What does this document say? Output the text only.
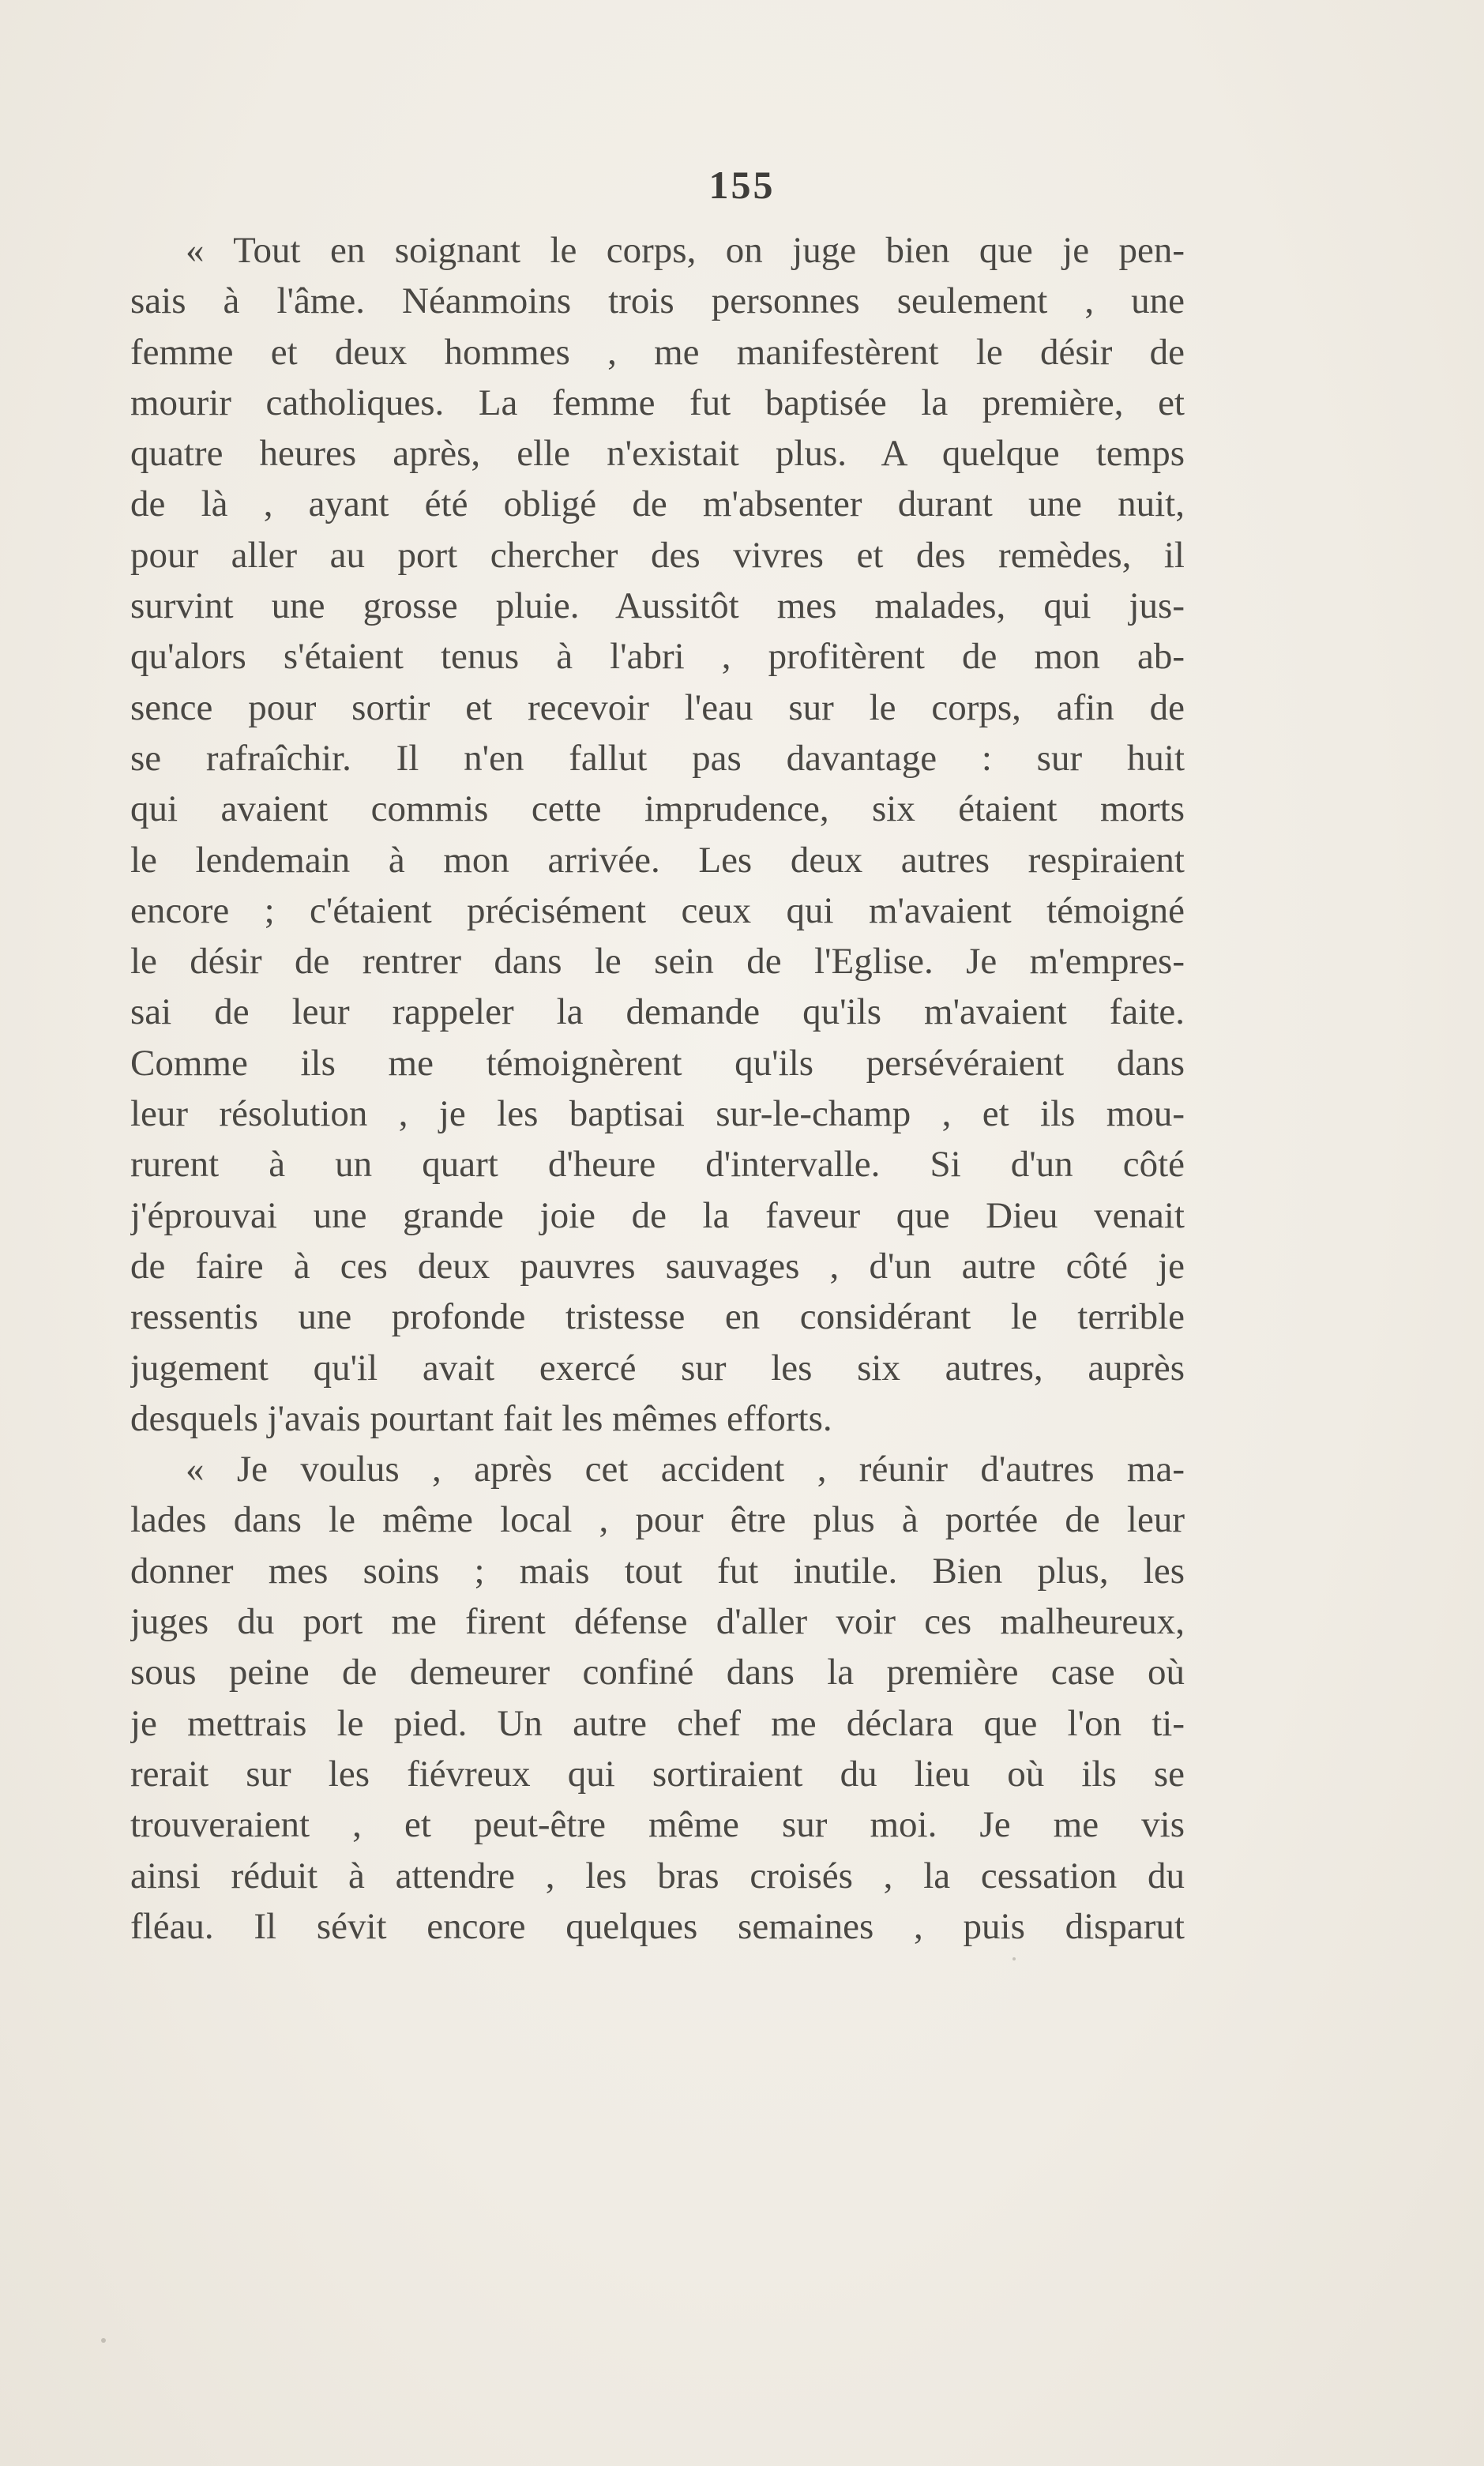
155
« Tout en soignant le corps, on juge bien que je pen-
sais à l'âme. Néanmoins trois personnes seulement , une
femme et deux hommes , me manifestèrent le désir de
mourir catholiques. La femme fut baptisée la première, et
quatre heures après, elle n'existait plus. A quelque temps
de là , ayant été obligé de m'absenter durant une nuit,
pour aller au port chercher des vivres et des remèdes, il
survint une grosse pluie. Aussitôt mes malades, qui jus-
qu'alors s'étaient tenus à l'abri , profitèrent de mon ab-
sence pour sortir et recevoir l'eau sur le corps, afin de
se rafraîchir. Il n'en fallut pas davantage : sur huit
qui avaient commis cette imprudence, six étaient morts
le lendemain à mon arrivée. Les deux autres respiraient
encore ; c'étaient précisément ceux qui m'avaient témoigné
le désir de rentrer dans le sein de l'Eglise. Je m'empres-
sai de leur rappeler la demande qu'ils m'avaient faite.
Comme ils me témoignèrent qu'ils persévéraient dans
leur résolution , je les baptisai sur-le-champ , et ils mou-
rurent à un quart d'heure d'intervalle. Si d'un côté
j'éprouvai une grande joie de la faveur que Dieu venait
de faire à ces deux pauvres sauvages , d'un autre côté je
ressentis une profonde tristesse en considérant le terrible
jugement qu'il avait exercé sur les six autres, auprès
desquels j'avais pourtant fait les mêmes efforts.
« Je voulus , après cet accident , réunir d'autres ma-
lades dans le même local , pour être plus à portée de leur
donner mes soins ; mais tout fut inutile. Bien plus, les
juges du port me firent défense d'aller voir ces malheureux,
sous peine de demeurer confiné dans la première case où
je mettrais le pied. Un autre chef me déclara que l'on ti-
rerait sur les fiévreux qui sortiraient du lieu où ils se
trouveraient , et peut-être même sur moi. Je me vis
ainsi réduit à attendre , les bras croisés , la cessation du
fléau. Il sévit encore quelques semaines , puis disparut
